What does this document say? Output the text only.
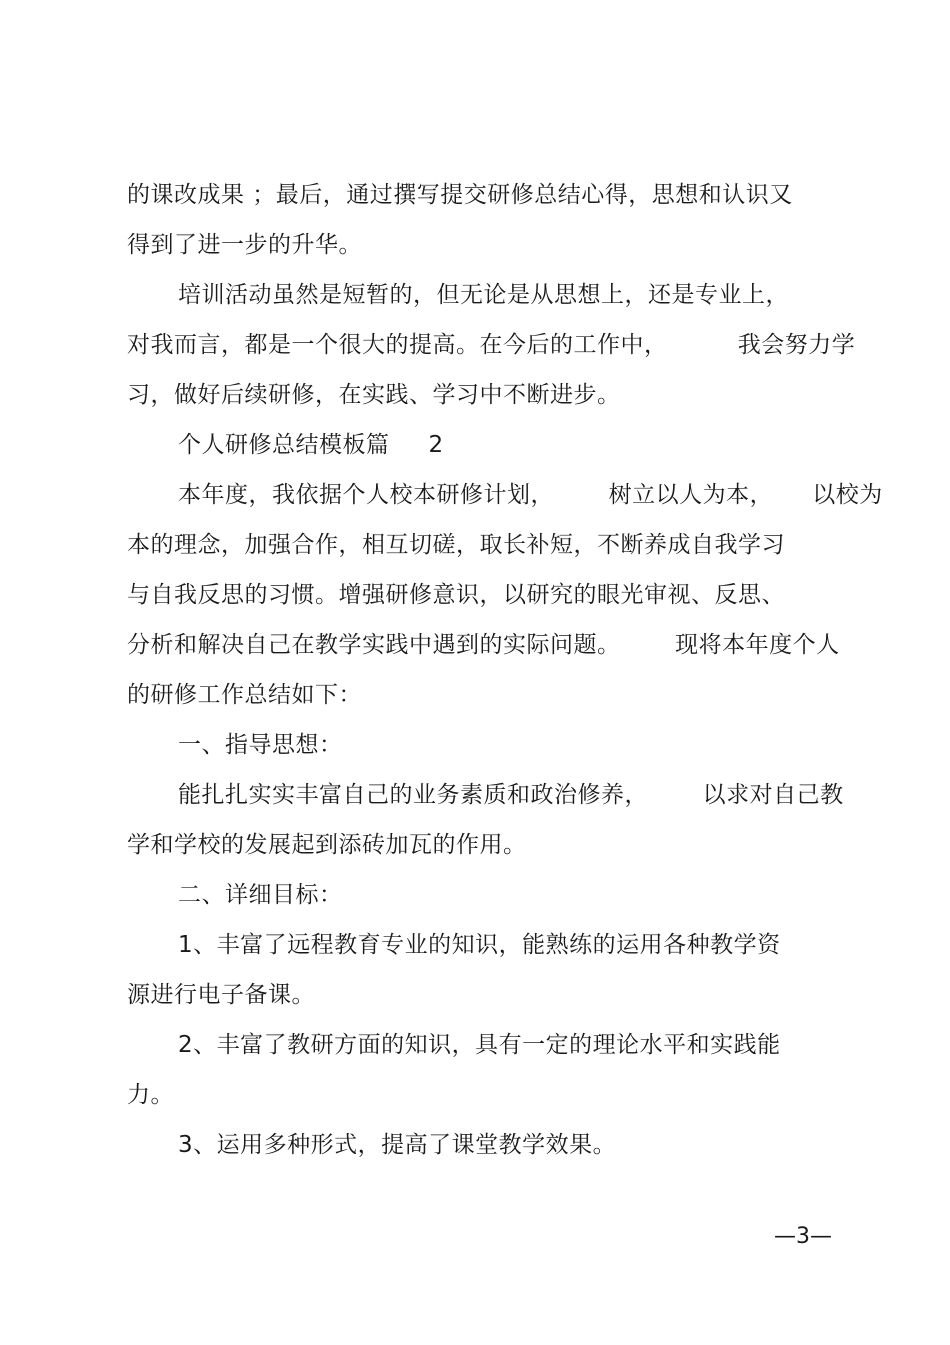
的课改成果 ；最后，通过撰写提交研修总结心得，思想和认识又
得到了进一步的升华。
培训活动虽然是短暂的，但无论是从思想上，还是专业上，
对我而言，都是一个很大的提高。在今后的工作中，         我会努力学
习，做好后续研修，在实践、学习中不断进步。
个人研修总结模板篇     2
本年度，我依据个人校本研修计划，       树立以人为本，     以校为
本的理念，加强合作，相互切磋，取长补短，不断养成自我学习
与自我反思的习惯。增强研修意识，以研究的眼光审视、反思、
分析和解决自己在教学实践中遇到的实际问题。       现将本年度个人
的研修工作总结如下：
一、指导思想：
能扎扎实实丰富自己的业务素质和政治修养，       以求对自己教
学和学校的发展起到添砖加瓦的作用。
二、详细目标：
1、丰富了远程教育专业的知识，能熟练的运用各种教学资
源进行电子备课。
2、丰富了教研方面的知识，具有一定的理论水平和实践能
力。
3、运用多种形式，提高了课堂教学效果。
—3—
